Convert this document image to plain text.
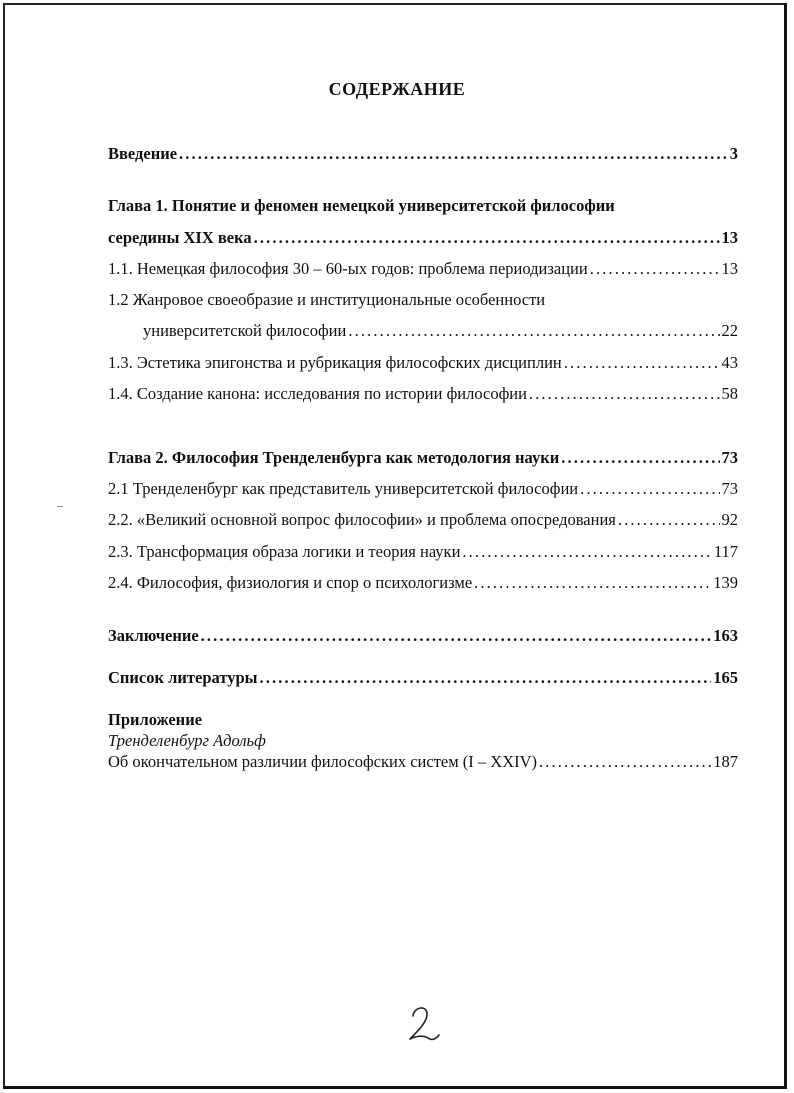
СОДЕРЖАНИЕ
Введение . . .	3
Глава 1. Понятие и феномен немецкой университетской философии
середины XIX века . . .	13
1.1. Немецкая философия 30 – 60-ых годов: проблема периодизации . . .	13
1.2 Жанровое своеобразие и институциональные особенности
университетской философии . . .	22
1.3. Эстетика эпигонства и рубрикация философских дисциплин . . .	43
1.4. Создание канона: исследования по истории философии . . .	58
Глава 2. Философия Тренделенбурга как методология науки . . .	73
2.1 Тренделенбург как представитель университетской философии . . .	73
2.2. «Великий основной вопрос философии» и проблема опосредования . . .	92
2.3. Трансформация образа логики и теория науки . . .	117
2.4. Философия, физиология и спор о психологизме . . .	139
Заключение . . .	163
Список литературы . . .	165
Приложение
Тренделенбург Адольф
Об окончательном различии философских систем (I – XXIV) . . .	187
